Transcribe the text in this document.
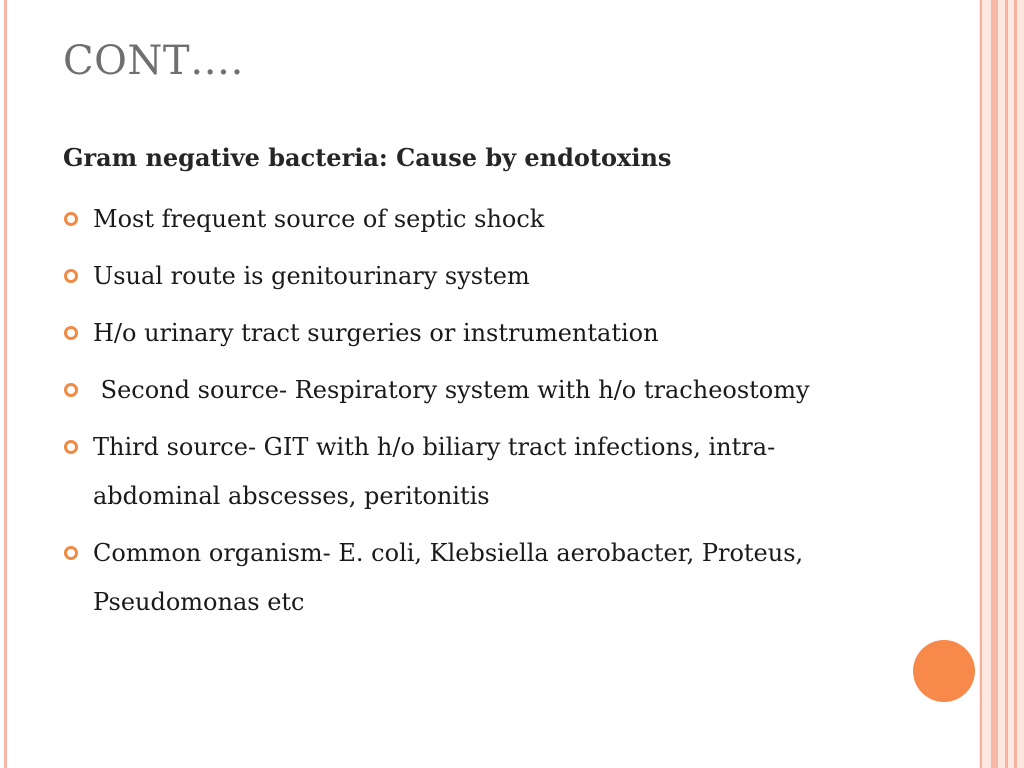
CONT….
Gram negative bacteria: Cause by endotoxins
Most frequent source of septic shock
Usual route is genitourinary system
H/o urinary tract surgeries or instrumentation
Second source- Respiratory system with h/o tracheostomy
Third source- GIT with h/o biliary tract infections, intra-abdominal abscesses, peritonitis
Common organism- E. coli, Klebsiella aerobacter, Proteus, Pseudomonas etc
